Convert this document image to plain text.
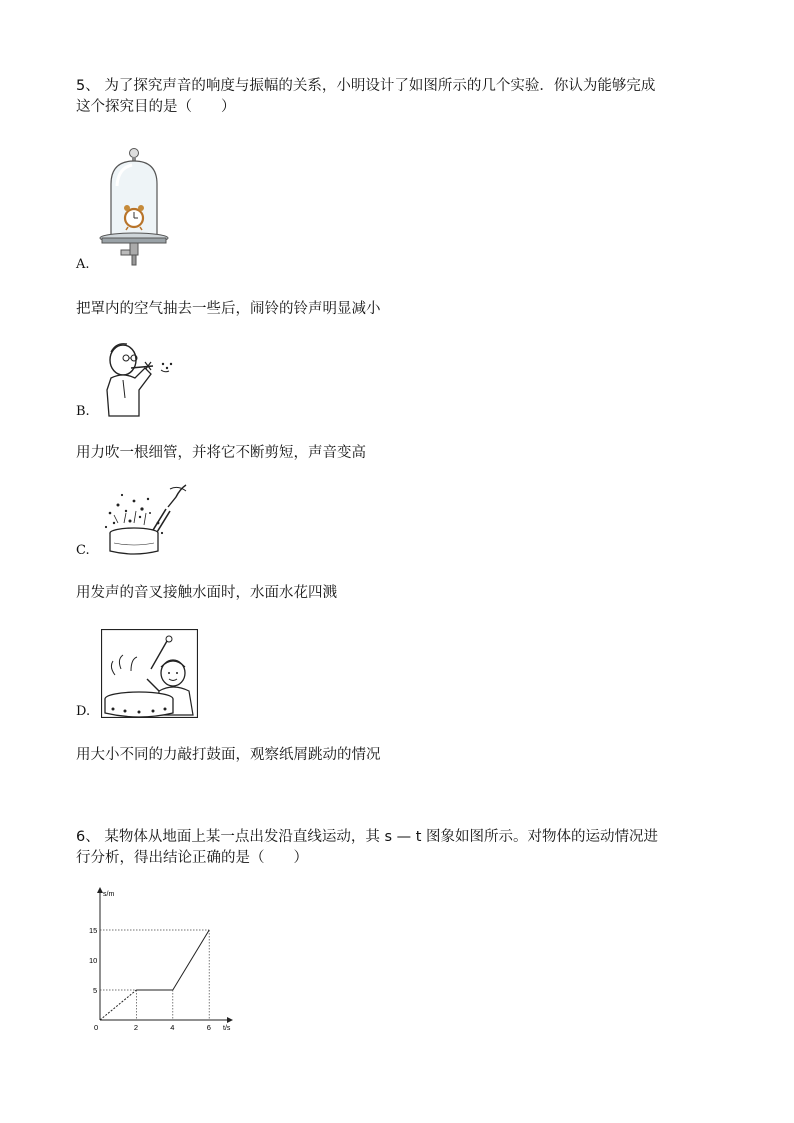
5、 为了探究声音的响度与振幅的关系，小明设计了如图所示的几个实验．你认为能够完成
这个探究目的是（　　）
A.
把罩内的空气抽去一些后，闹铃的铃声明显减小
B.
用力吹一根细管，并将它不断剪短，声音变高
C.
用发声的音叉接触水面时，水面水花四溅
D.
用大小不同的力敲打鼓面，观察纸屑跳动的情况
6、 某物体从地面上某一点出发沿直线运动，其 s — t 图象如图所示。对物体的运动情况进
行分析，得出结论正确的是（　　）
0	2	4	6
5
10
15
s/m
t/s
